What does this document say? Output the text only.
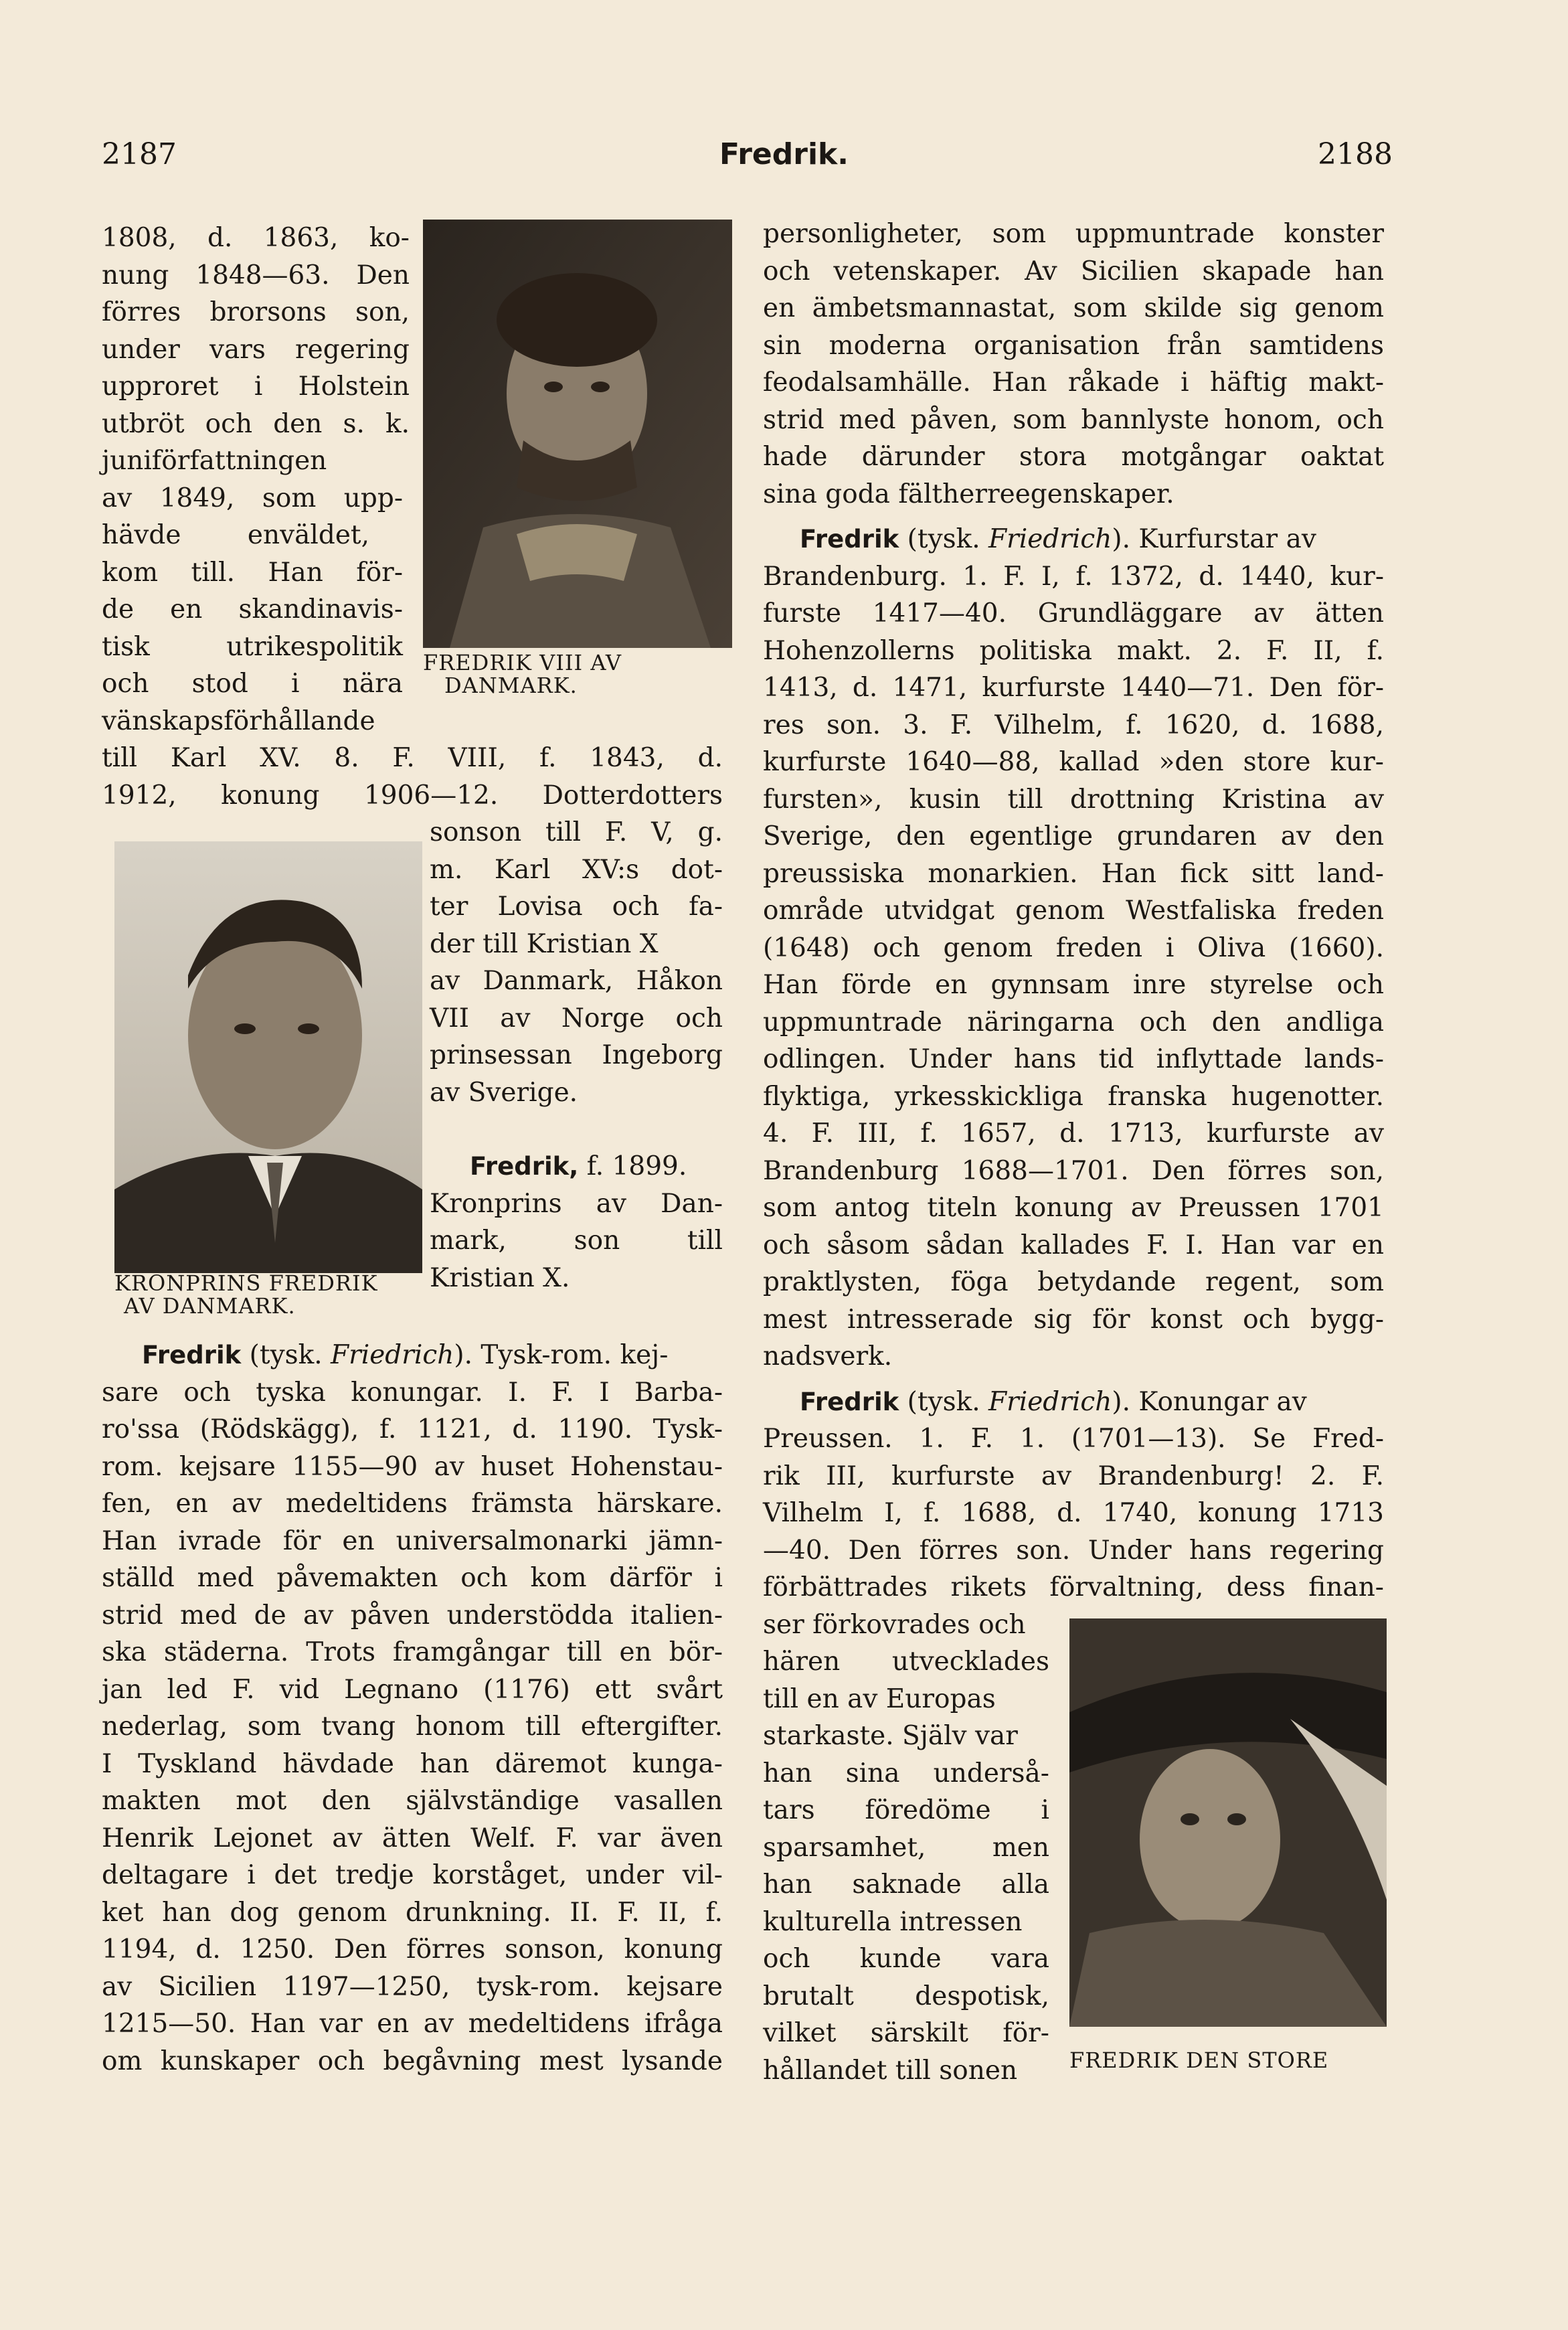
2187	Fredrik.	2188
FREDRIK VIII AV
DANMARK.
KRONPRINS FREDRIK
AV DANMARK.
FREDRIK DEN STORE
1808, d. 1863, ko-
nung 1848—63. Den
förres brorsons son,
under vars regering
upproret i Holstein
utbröt och den s. k.
juniförfattningen
av 1849, som upp-
hävde enväldet,
kom till. Han för-
de en skandinavis-
tisk utrikespolitik
och stod i nära
vänskapsförhållande
till Karl XV. 8. F. VIII, f. 1843, d.
1912, konung 1906—12. Dotterdotters
sonson till F. V, g.
m. Karl XV:s dot-
ter Lovisa och fa-
der till Kristian X
av Danmark, Håkon
VII av Norge och
prinsessan Ingeborg
av Sverige.
Fredrik, f. 1899.
Kronprins av Dan-
mark, son till
Kristian X.
Fredrik (tysk. Friedrich). Tysk-rom. kej-
sare och tyska konungar. I. F. I Barba-
ro'ssa (Rödskägg), f. 1121, d. 1190. Tysk-
rom. kejsare 1155—90 av huset Hohenstau-
fen, en av medeltidens främsta härskare.
Han ivrade för en universalmonarki jämn-
ställd med påvemakten och kom därför i
strid med de av påven understödda italien-
ska städerna. Trots framgångar till en bör-
jan led F. vid Legnano (1176) ett svårt
nederlag, som tvang honom till eftergifter.
I Tyskland hävdade han däremot kunga-
makten mot den självständige vasallen
Henrik Lejonet av ätten Welf. F. var även
deltagare i det tredje korståget, under vil-
ket han dog genom drunkning. II. F. II, f.
1194, d. 1250. Den förres sonson, konung
av Sicilien 1197—1250, tysk-rom. kejsare
1215—50. Han var en av medeltidens ifråga
om kunskaper och begåvning mest lysande
personligheter, som uppmuntrade konster
och vetenskaper. Av Sicilien skapade han
en ämbetsmannastat, som skilde sig genom
sin moderna organisation från samtidens
feodalsamhälle. Han råkade i häftig makt-
strid med påven, som bannlyste honom, och
hade därunder stora motgångar oaktat
sina goda fältherreegenskaper.
Fredrik (tysk. Friedrich). Kurfurstar av
Brandenburg. 1. F. I, f. 1372, d. 1440, kur-
furste 1417—40. Grundläggare av ätten
Hohenzollerns politiska makt. 2. F. II, f.
1413, d. 1471, kurfurste 1440—71. Den för-
res son. 3. F. Vilhelm, f. 1620, d. 1688,
kurfurste 1640—88, kallad »den store kur-
fursten», kusin till drottning Kristina av
Sverige, den egentlige grundaren av den
preussiska monarkien. Han fick sitt land-
område utvidgat genom Westfaliska freden
(1648) och genom freden i Oliva (1660).
Han förde en gynnsam inre styrelse och
uppmuntrade näringarna och den andliga
odlingen. Under hans tid inflyttade lands-
flyktiga, yrkesskickliga franska hugenotter.
4. F. III, f. 1657, d. 1713, kurfurste av
Brandenburg 1688—1701. Den förres son,
som antog titeln konung av Preussen 1701
och såsom sådan kallades F. I. Han var en
praktlysten, föga betydande regent, som
mest intresserade sig för konst och bygg-
nadsverk.
Fredrik (tysk. Friedrich). Konungar av
Preussen. 1. F. 1. (1701—13). Se Fred-
rik III, kurfurste av Brandenburg! 2. F.
Vilhelm I, f. 1688, d. 1740, konung 1713
—40. Den förres son. Under hans regering
förbättrades rikets förvaltning, dess finan-
ser förkovrades och
hären utvecklades
till en av Europas
starkaste. Själv var
han sina underså-
tars föredöme i
sparsamhet, men
han saknade alla
kulturella intressen
och kunde vara
brutalt despotisk,
vilket särskilt för-
hållandet till sonen
